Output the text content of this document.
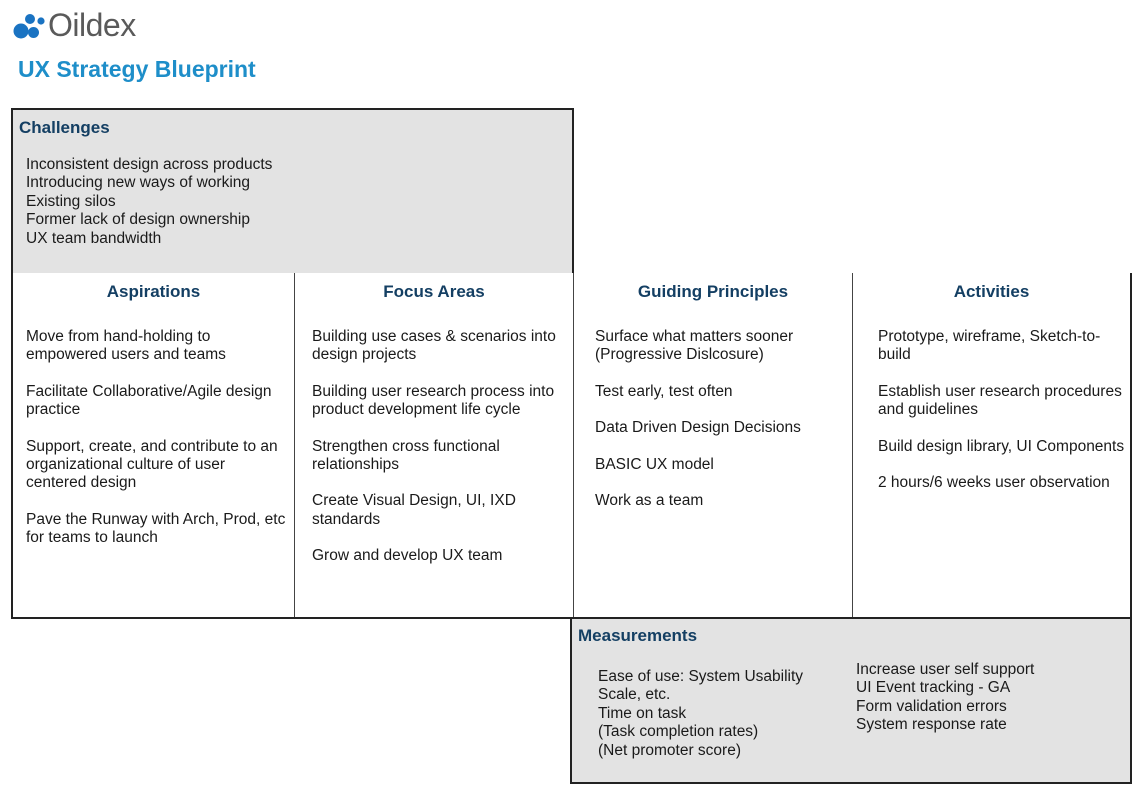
Oildex
UX Strategy Blueprint
Challenges
Inconsistent design across products
Introducing new ways of working
Existing silos
Former lack of design ownership
UX team bandwidth
Aspirations
Move from hand-holding to empowered users and teams
Facilitate Collaborative/Agile design practice
Support, create, and contribute to an organizational culture of user centered design
Pave the Runway with Arch, Prod, etc for teams to launch
Focus Areas
Building use cases & scenarios into design projects
Building user research process into product development life cycle
Strengthen cross functional relationships
Create Visual Design, UI, IXD standards
Grow and develop UX team
Guiding Principles
Surface what matters sooner (Progressive Dislcosure)
Test early, test often
Data Driven Design Decisions
BASIC UX model
Work as a team
Activities
Prototype, wireframe, Sketch-to-build
Establish user research procedures and guidelines
Build design library, UI Components
2 hours/6 weeks user observation
Measurements
Ease of use: System Usability Scale, etc.
Time on task
(Task completion rates)
(Net promoter score)
Increase user self support
UI Event tracking - GA
Form validation errors
System response rate
